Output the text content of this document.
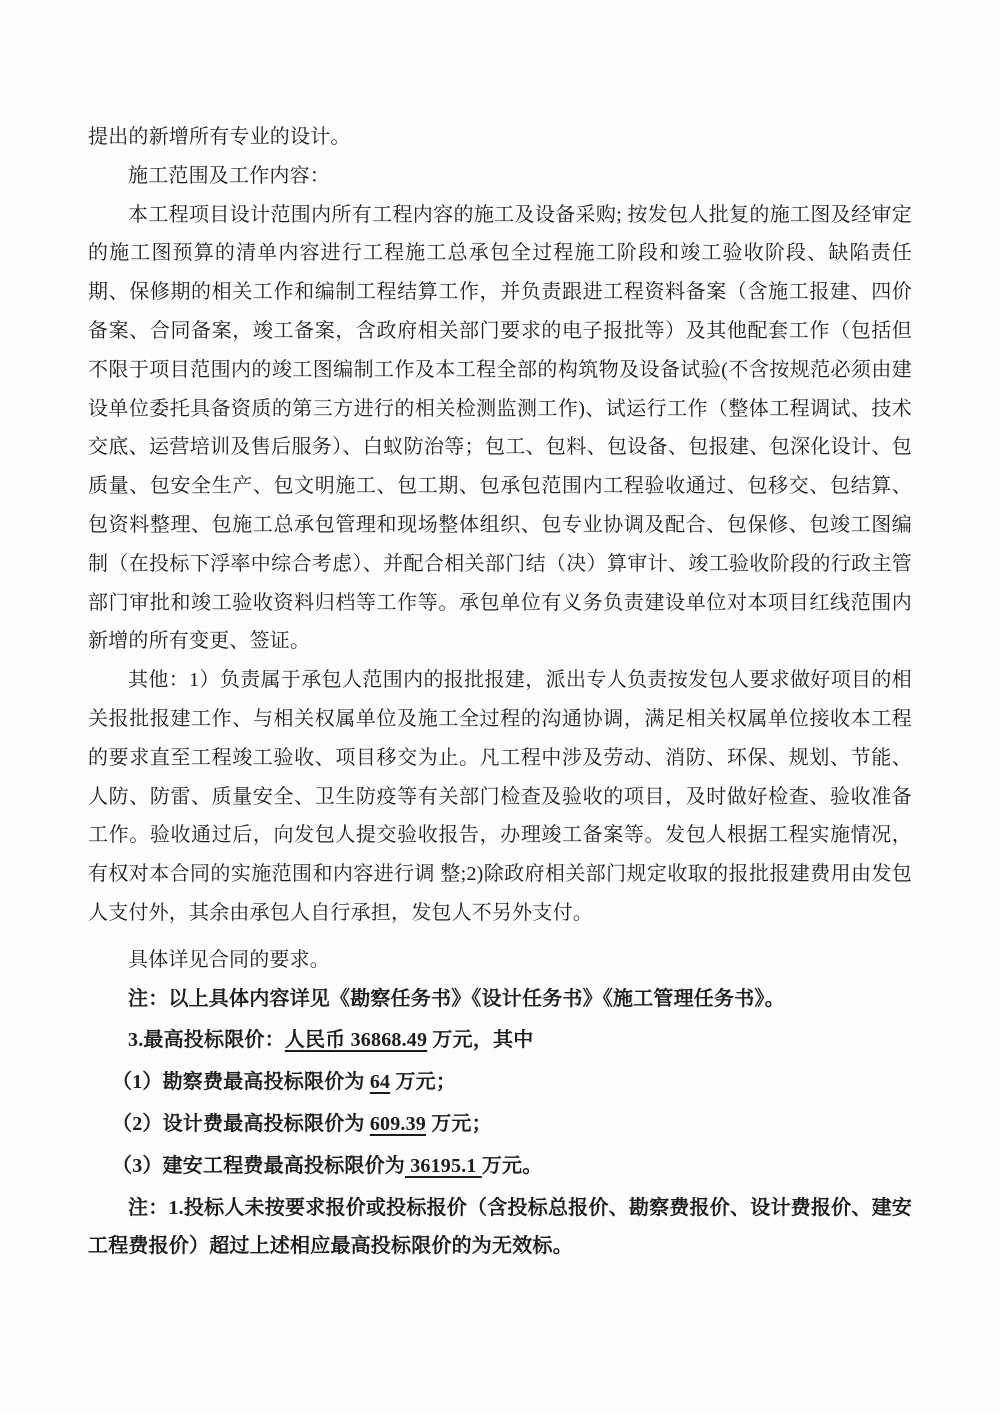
提出的新增所有专业的设计。

施工范围及工作内容：

本工程项目设计范围内所有工程内容的施工及设备采购; 按发包人批复的施工图及经审定的施工图预算的清单内容进行工程施工总承包全过程施工阶段和竣工验收阶段、缺陷责任期、保修期的相关工作和编制工程结算工作，并负责跟进工程资料备案（含施工报建、四价备案、合同备案，竣工备案，含政府相关部门要求的电子报批等）及其他配套工作（包括但不限于项目范围内的竣工图编制工作及本工程全部的构筑物及设备试验(不含按规范必须由建设单位委托具备资质的第三方进行的相关检测监测工作)、试运行工作（整体工程调试、技术交底、运营培训及售后服务）、白蚁防治等；包工、包料、包设备、包报建、包深化设计、包质量、包安全生产、包文明施工、包工期、包承包范围内工程验收通过、包移交、包结算、包资料整理、包施工总承包管理和现场整体组织、包专业协调及配合、包保修、包竣工图编制（在投标下浮率中综合考虑）、并配合相关部门结（决）算审计、竣工验收阶段的行政主管部门审批和竣工验收资料归档等工作等。承包单位有义务负责建设单位对本项目红线范围内新增的所有变更、签证。

其他：1）负责属于承包人范围内的报批报建，派出专人负责按发包人要求做好项目的相关报批报建工作、与相关权属单位及施工全过程的沟通协调，满足相关权属单位接收本工程的要求直至工程竣工验收、项目移交为止。凡工程中涉及劳动、消防、环保、规划、节能、人防、防雷、质量安全、卫生防疫等有关部门检查及验收的项目，及时做好检查、验收准备工作。验收通过后，向发包人提交验收报告，办理竣工备案等。发包人根据工程实施情况，有权对本合同的实施范围和内容进行调 整;2)除政府相关部门规定收取的报批报建费用由发包人支付外，其余由承包人自行承担，发包人不另外支付。

具体详见合同的要求。

注：以上具体内容详见《勘察任务书》《设计任务书》《施工管理任务书》。

3.最高投标限价：人民币 36868.49 万元，其中

（1）勘察费最高投标限价为 64 万元；

（2）设计费最高投标限价为 609.39 万元；

（3）建安工程费最高投标限价为 36195.1 万元。

注：1.投标人未按要求报价或投标报价（含投标总报价、勘察费报价、设计费报价、建安工程费报价）超过上述相应最高投标限价的为无效标。
